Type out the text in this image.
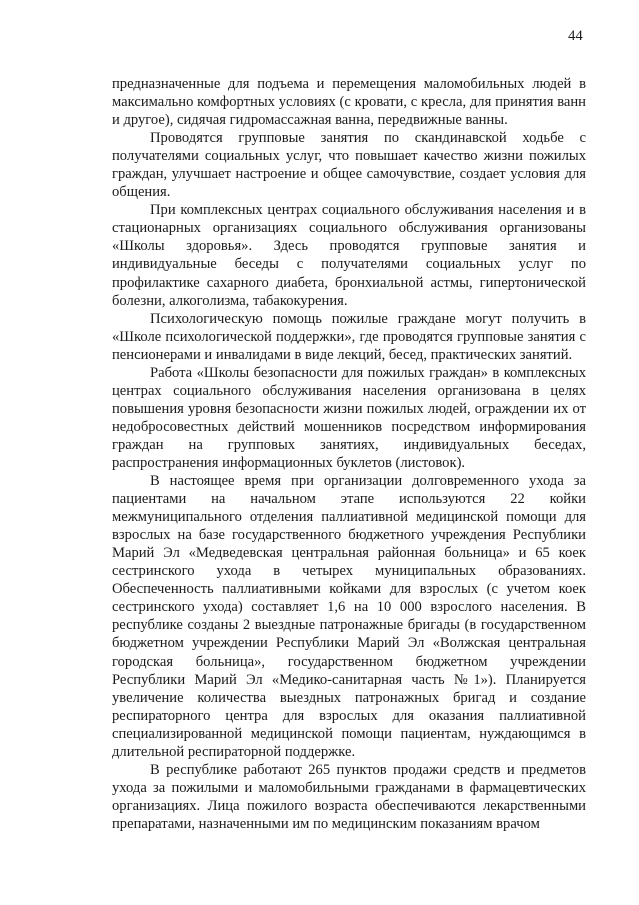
44

предназначенные для подъема и перемещения маломобильных людей в максимально комфортных условиях (с кровати, с кресла, для принятия ванн и другое), сидячая гидромассажная ванна, передвижные ванны.

Проводятся групповые занятия по скандинавской ходьбе с получателями социальных услуг, что повышает качество жизни пожилых граждан, улучшает настроение и общее самочувствие, создает условия для общения.

При комплексных центрах социального обслуживания населения и в стационарных организациях социального обслуживания организованы «Школы здоровья». Здесь проводятся групповые занятия и индивидуальные беседы с получателями социальных услуг по профилактике сахарного диабета, бронхиальной астмы, гипертонической болезни, алкоголизма, табакокурения.

Психологическую помощь пожилые граждане могут получить в «Школе психологической поддержки», где проводятся групповые занятия с пенсионерами и инвалидами в виде лекций, бесед, практических занятий.

Работа «Школы безопасности для пожилых граждан» в комплексных центрах социального обслуживания населения организована в целях повышения уровня безопасности жизни пожилых людей, ограждении их от недобросовестных действий мошенников посредством информирования граждан на групповых занятиях, индивидуальных беседах, распространения информационных буклетов (листовок).

В настоящее время при организации долговременного ухода за пациентами на начальном этапе используются 22 койки межмуниципального отделения паллиативной медицинской помощи для взрослых на базе государственного бюджетного учреждения Республики Марий Эл «Медведевская центральная районная больница» и 65 коек сестринского ухода в четырех муниципальных образованиях. Обеспеченность паллиативными койками для взрослых (с учетом коек сестринского ухода) составляет 1,6 на 10 000 взрослого населения. В республике созданы 2 выездные патронажные бригады (в государственном бюджетном учреждении Республики Марий Эл «Волжская центральная городская больница», государственном бюджетном учреждении Республики Марий Эл «Медико-санитарная часть №1»). Планируется увеличение количества выездных патронажных бригад и создание респираторного центра для взрослых для оказания паллиативной специализированной медицинской помощи пациентам, нуждающимся в длительной респираторной поддержке.

В республике работают 265 пунктов продажи средств и предметов ухода за пожилыми и маломобильными гражданами в фармацевтических организациях. Лица пожилого возраста обеспечиваются лекарственными препаратами, назначенными им по медицинским показаниям врачом
